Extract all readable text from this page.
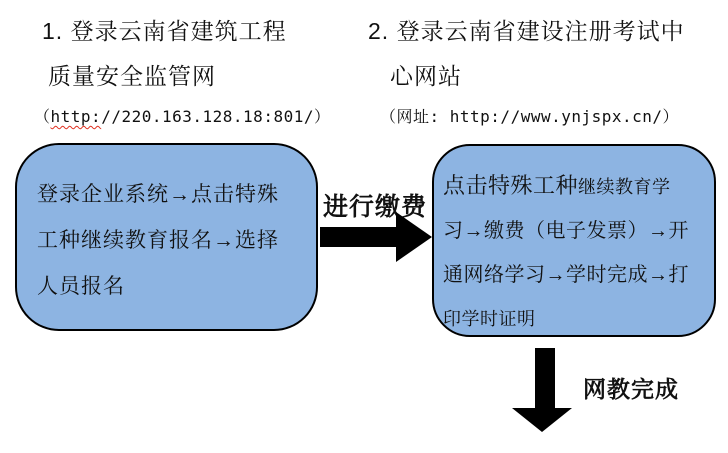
1. 登录云南省建筑工程
质量安全监管网
（http://220.163.128.18:801/）
2. 登录云南省建设注册考试中
心网站
（网址: http://www.ynjspx.cn/）
登录企业系统→点击特殊
工种继续教育报名→选择
人员报名
进行缴费
点击特殊工种继续教育学
习→缴费（电子发票）→开
通网络学习→学时完成→打
印学时证明
网教完成
